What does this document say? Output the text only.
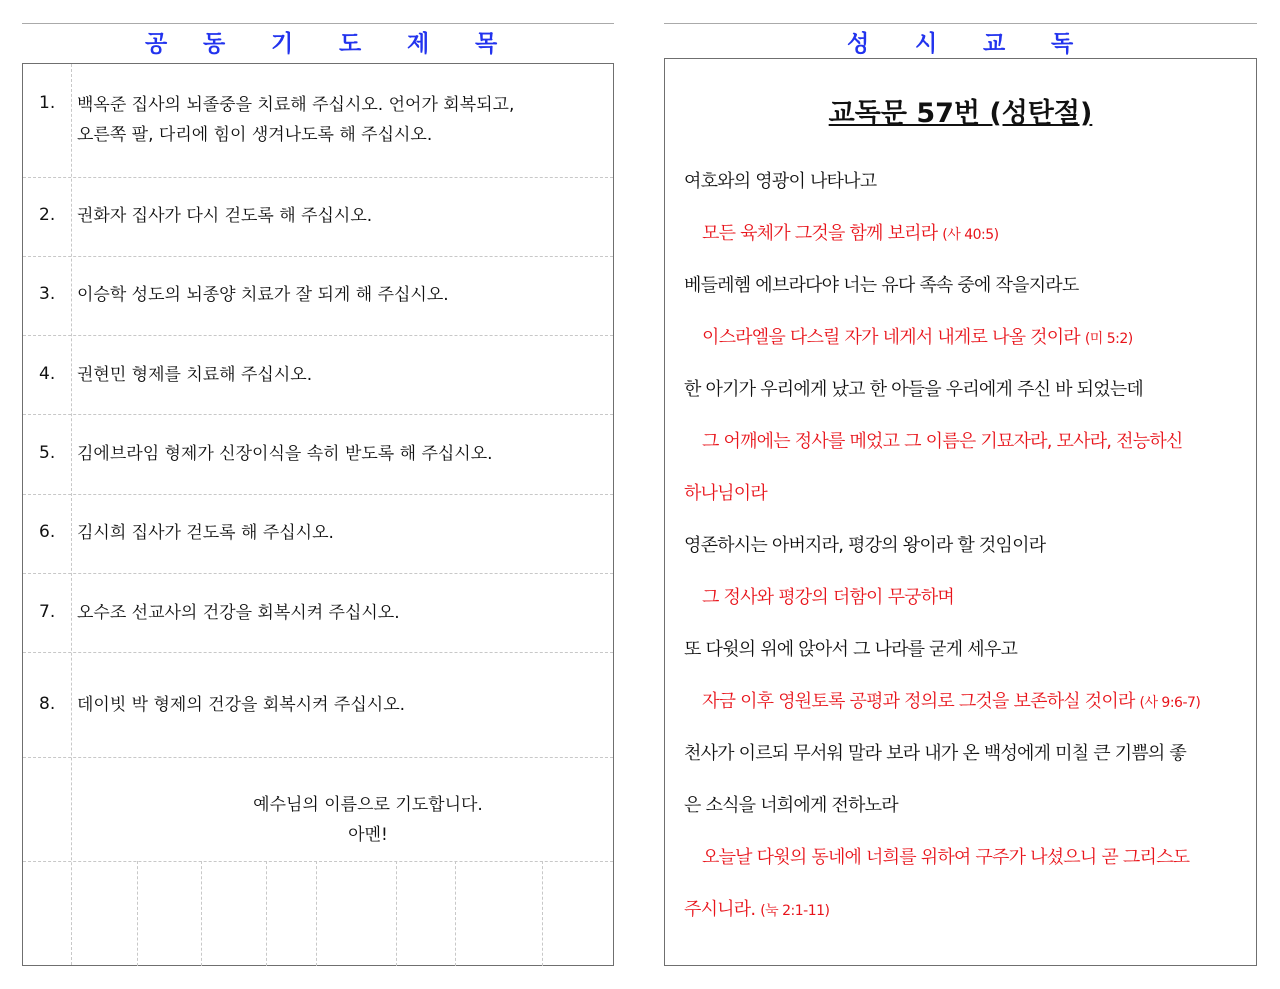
공 동 기 도 제 목
1. 백옥준 집사의 뇌졸중을 치료해 주십시오. 언어가 회복되고,
오른쪽 팔, 다리에 힘이 생겨나도록 해 주십시오.
2. 권화자 집사가 다시 걷도록 해 주십시오.
3. 이승학 성도의 뇌종양 치료가 잘 되게 해 주십시오.
4. 권현민 형제를 치료해 주십시오.
5. 김에브라임 형제가 신장이식을 속히 받도록 해 주십시오.
6. 김시희 집사가 걷도록 해 주십시오.
7. 오수조 선교사의 건강을 회복시켜 주십시오.
8. 데이빗 박 형제의 건강을 회복시켜 주십시오.
예수님의 이름으로 기도합니다.
아멘!
성 시 교 독
교독문 57번 (성탄절)
여호와의 영광이 나타나고
모든 육체가 그것을 함께 보리라 (사 40:5)
베들레헴 에브라다야 너는 유다 족속 중에 작을지라도
이스라엘을 다스릴 자가 네게서 내게로 나올 것이라 (미 5:2)
한 아기가 우리에게 났고 한 아들을 우리에게 주신 바 되었는데
그 어깨에는 정사를 메었고 그 이름은 기묘자라, 모사라, 전능하신
하나님이라
영존하시는 아버지라, 평강의 왕이라 할 것임이라
그 정사와 평강의 더함이 무궁하며
또 다윗의 위에 앉아서 그 나라를 굳게 세우고
자금 이후 영원토록 공평과 정의로 그것을 보존하실 것이라 (사 9:6-7)
천사가 이르되 무서워 말라 보라 내가 온 백성에게 미칠 큰 기쁨의 좋
은 소식을 너희에게 전하노라
오늘날 다윗의 동네에 너희를 위하여 구주가 나셨으니 곧 그리스도
주시니라. (눅 2:1-11)
